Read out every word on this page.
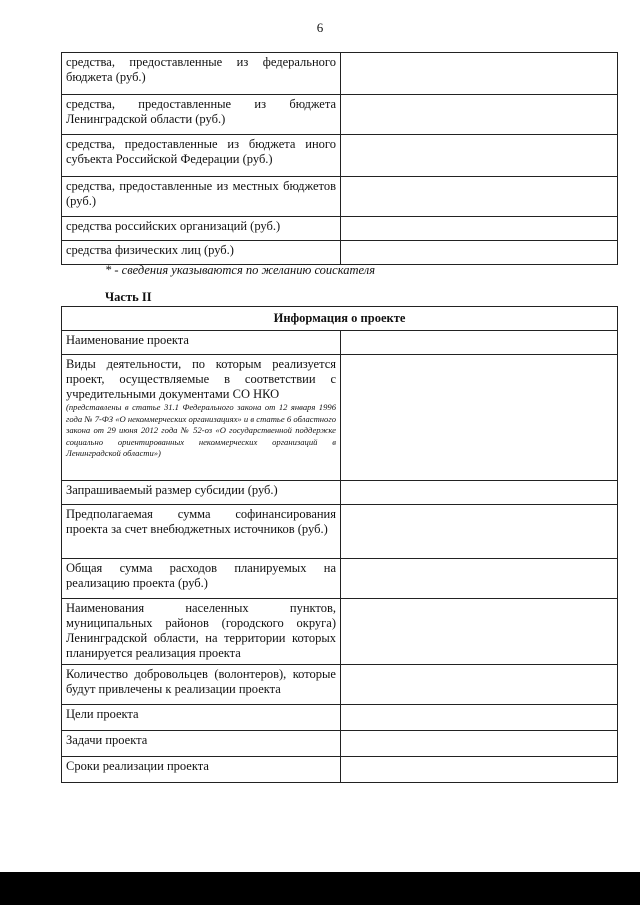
6
средства, предоставленные из федерального бюджета (руб.)	
средства, предоставленные из бюджета Ленинградской области (руб.)	
средства, предоставленные из бюджета иного субъекта Российской Федерации (руб.)	
средства, предоставленные из местных бюджетов (руб.)	
средства российских организаций (руб.)	
средства физических лиц (руб.)	
* - сведения указываются по желанию соискателя
Часть II
Информация о проекте	
Наименование проекта	
Виды деятельности, по которым реализуется проект, осуществляемые в соответствии с учредительными документами СО НКО
(представлены в статье 31.1 Федерального закона от 12 января 1996 года № 7-ФЗ «О некоммерческих организациях» и в статье 6 областного закона от 29 июня 2012 года № 52-оз «О государственной поддержке социально ориентированных некоммерческих организаций в Ленинградской области»)	

Запрашиваемый размер субсидии (руб.)	
Предполагаемая сумма софинансирования проекта за счет внебюджетных источников (руб.)	
Общая сумма расходов планируемых на реализацию проекта (руб.)	
Наименования населенных пунктов, муниципальных районов (городского округа) Ленинградской области, на территории которых планируется реализация проекта	
Количество добровольцев (волонтеров), которые будут привлечены к реализации проекта	
Цели проекта	
Задачи проекта	
Сроки реализации проекта	
